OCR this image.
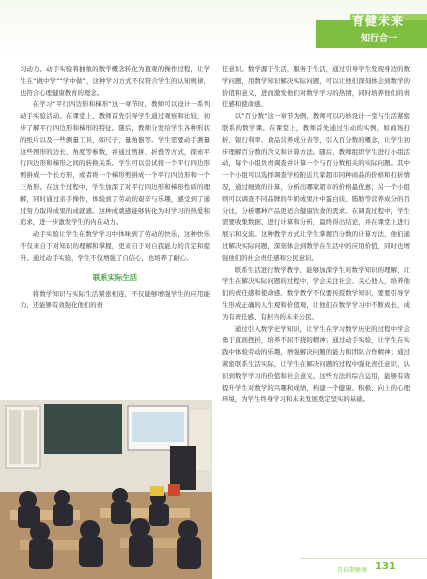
育健未来
知行合一

习动力。动手实验将抽象的数学概念转化为直观的操作过程，让学生在“做中学”“学中做”，这种学习方式不仅符合学生的认知规律，也符合心理健康教育的理念。

在学习“平行四边形和梯形”这一章节时，教师可以设计一系列动手实验活动。在课堂上，教师首先引导学生通过观察和比较，初步了解平行四边形和梯形的特征。随后，教师分发给学生各种形状的纸片以及一些测量工具，如尺子、量角器等。学生需要动手测量这些图形的边长、角度等参数，并通过剪拼、折叠等方式，探索平行四边形和梯形之间的转换关系。学生可以尝试将一个平行四边形剪拼成一个长方形，或者将一个梯形剪拼成一个平行四边形和一个三角形。在这个过程中，学生加深了对平行四边形和梯形性质的理解，同时通过亲手操作，体验到了劳动的艰辛与乐趣，感受到了通过努力取得成果的成就感。这种成就感能够转化为对学习的热爱和追求，进一步激发学生的内在动力。

动手实验让学生在数学学习中体味到了劳动的快乐，这种快乐不仅来自于对知识的理解和掌握，更来自于对自我能力的肯定和提升。通过动手实验，学生不仅增强了自信心，也培养了耐心。

联系实际生活

将数学知识与实际生活紧密相连，不仅能够增强学生的应用能力，还能够有效强化他们的责

任意识。数学源于生活，服务于生活，通过引导学生发现身边的数学问题，用数学知识解决实际问题，可以让他们深刻体会到数学的价值和意义，进而激发他们对数学学习的热情，同时培养他们的责任感和使命感。

以“百分数”这一章节为例，教师可以巧妙设计一堂与生活紧密联系的数学课。在课堂上，教师首先通过生动的实例，如商场打折、银行利率、食品营养成分表等，引入百分数的概念，让学生初步理解百分数的含义和计算方法。随后，教师组织学生进行小组活动，每个小组负责调查并计算一个与百分数相关的实际问题。其中一个小组可以选择调查学校附近几家超市同种商品的价格和打折情况，通过细致的计算，分析出哪家超市的价格最优惠；另一个小组则可以调查不同品牌的牛奶或果汁中蛋白质、脂肪等营养成分的百分比，分析哪种产品更适合健康饮食的需求。在调查过程中，学生需要收集数据、进行计算和分析，最终得出结论，并在课堂上进行展示和交流。这种教学方式让学生掌握百分数的计算方法，他们通过解决实际问题，深刻体会到数学在生活中的应用价值，同时也增强他们的社会责任感和公民意识。

联系生活进行数学教学，能够加深学生对数学知识的理解，让学生在解决实际问题的过程中，学会关注社会、关心他人，培养他们的责任感和使命感。数学教学不仅要传授数学知识，要要引导学生形成正确的人生观和价值观，让他们在数学学习中不断成长，成为有责任感、有担当的未来公民。

通过引入数学史学知识，让学生在学习数学历史的过程中学会勇于直面挫折，培养不屈不挠的精神；通过动手实验，让学生在实践中体验劳动的乐趣，增强解决问题的能力和团队合作精神；通过紧密联系生活实际，让学生在解决问题的过程中强化责任意识，认识到数学学习的价值和社会意义。这些方法的综合运用，能够有效提升学生对数学的兴趣和成绩，构建一个健康、积极、向上的心理环境，为学生终身学习和未来发展奠定坚实的基础。

青春期健康 131
